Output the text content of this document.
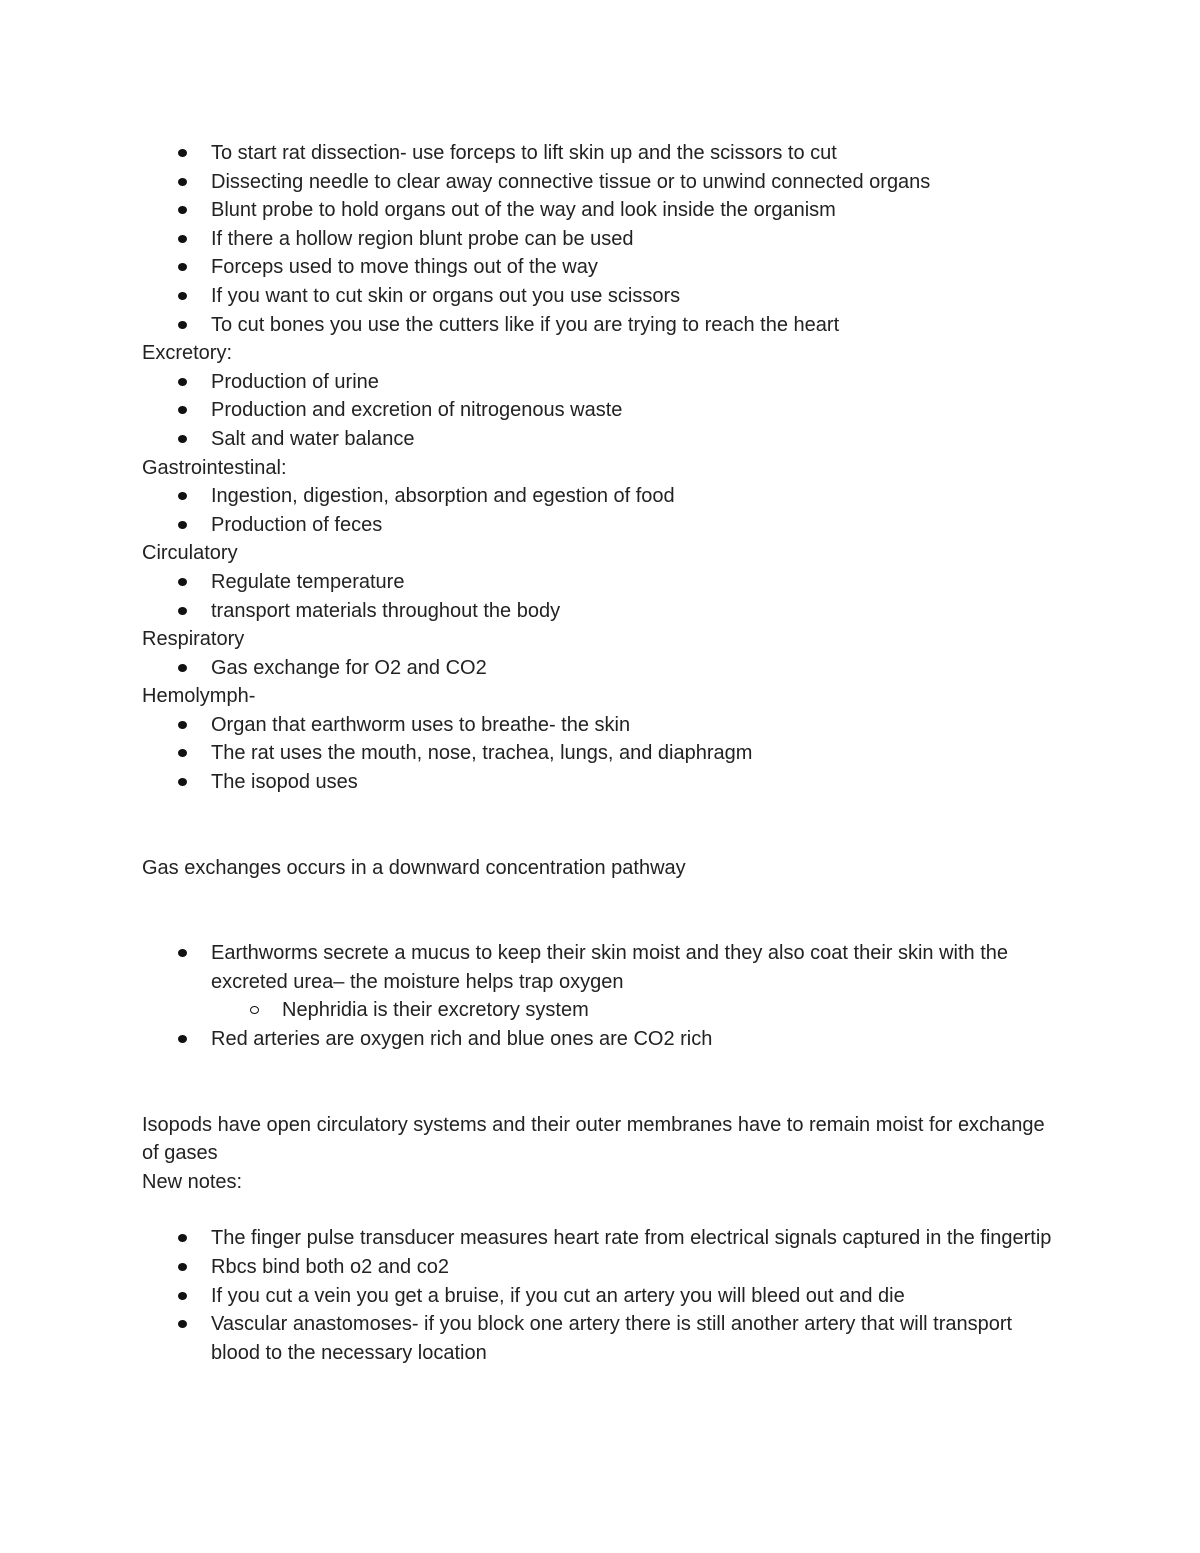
To start rat dissection- use forceps to lift skin up and the scissors to cut
Dissecting needle to clear away connective tissue or to unwind connected organs
Blunt probe to hold organs out of the way and look inside the organism
If there a hollow region blunt probe can be used
Forceps used to move things out of the way
If you want to cut skin or organs out you use scissors
To cut bones you use the cutters like if you are trying to reach the heart
Excretory:
Production of urine
Production and excretion of nitrogenous waste
Salt and water balance
Gastrointestinal:
Ingestion, digestion, absorption and egestion of food
Production of feces
Circulatory
Regulate temperature
transport materials throughout the body
Respiratory
Gas exchange for O2 and CO2
Hemolymph-
Organ that earthworm uses to breathe- the skin
The rat uses the mouth, nose, trachea, lungs, and diaphragm
The isopod uses
Gas exchanges occurs in a downward concentration pathway
Earthworms secrete a mucus to keep their skin moist and they also coat their skin with the excreted urea– the moisture helps trap oxygen
Nephridia is their excretory system
Red arteries are oxygen rich and blue ones are CO2 rich
Isopods have open circulatory systems and their outer membranes have to remain moist for exchange of gases
New notes:
The finger pulse transducer measures heart rate from electrical signals captured in the fingertip
Rbcs bind both o2 and co2
If you cut a vein you get a bruise, if you cut an artery you will bleed out and die
Vascular anastomoses- if you block one artery there is still another artery that will transport blood to the necessary location
